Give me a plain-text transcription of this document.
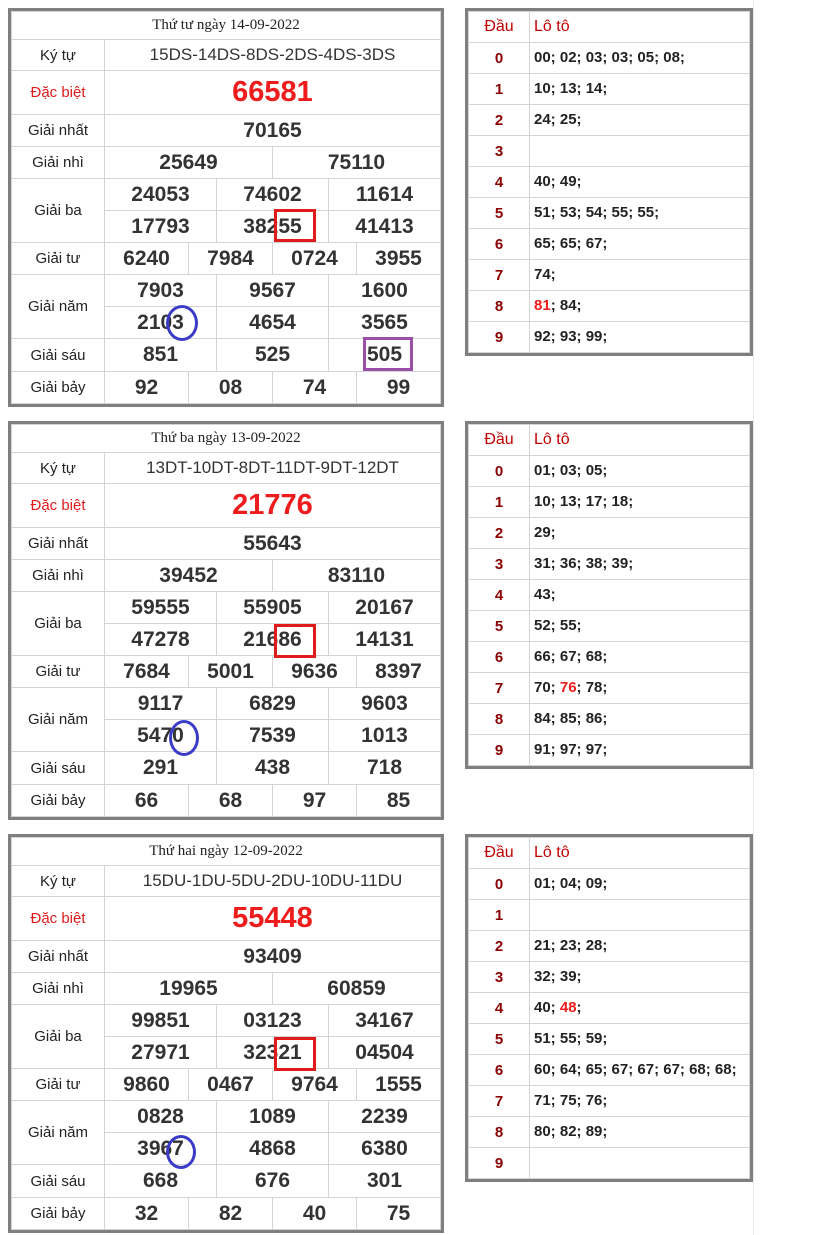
Thứ tư ngày 14-09-2022						
Ký tự	15DS-14DS-8DS-2DS-4DS-3DS					
Đặc biệt	66581					
Giải nhất	70165					
Giải nhì	25649			75110		
Giải ba	24053		74602		11614	
	17793		38255		41413	
Giải tư	6240	7984		0724		3955
Giải năm	7903		9567		1600	
	2103		4654		3565	
Giải sáu	851		525		505	
Giải bảy	92	08		74		99
Đầu	Lô tô
0	00; 02; 03; 03; 05; 08;
1	10; 13; 14;
2	24; 25;
3	
4	40; 49;
5	51; 53; 54; 55; 55;
6	65; 65; 67;
7	74;
8	81; 84;
9	92; 93; 99;
Thứ ba ngày 13-09-2022						
Ký tự	13DT-10DT-8DT-11DT-9DT-12DT					
Đặc biệt	21776					
Giải nhất	55643					
Giải nhì	39452			83110		
Giải ba	59555		55905		20167	
	47278		21686		14131	
Giải tư	7684	5001		9636		8397
Giải năm	9117		6829		9603	
	5470		7539		1013	
Giải sáu	291		438		718	
Giải bảy	66	68		97		85
Đầu	Lô tô
0	01; 03; 05;
1	10; 13; 17; 18;
2	29;
3	31; 36; 38; 39;
4	43;
5	52; 55;
6	66; 67; 68;
7	70; 76; 78;
8	84; 85; 86;
9	91; 97; 97;
Thứ hai ngày 12-09-2022						
Ký tự	15DU-1DU-5DU-2DU-10DU-11DU					
Đặc biệt	55448					
Giải nhất	93409					
Giải nhì	19965			60859		
Giải ba	99851		03123		34167	
	27971		32321		04504	
Giải tư	9860	0467		9764		1555
Giải năm	0828		1089		2239	
	3967		4868		6380	
Giải sáu	668		676		301	
Giải bảy	32	82		40		75
Đầu	Lô tô
0	01; 04; 09;
1	
2	21; 23; 28;
3	32; 39;
4	40; 48;
5	51; 55; 59;
6	60; 64; 65; 67; 67; 67; 68; 68;
7	71; 75; 76;
8	80; 82; 89;
9	
